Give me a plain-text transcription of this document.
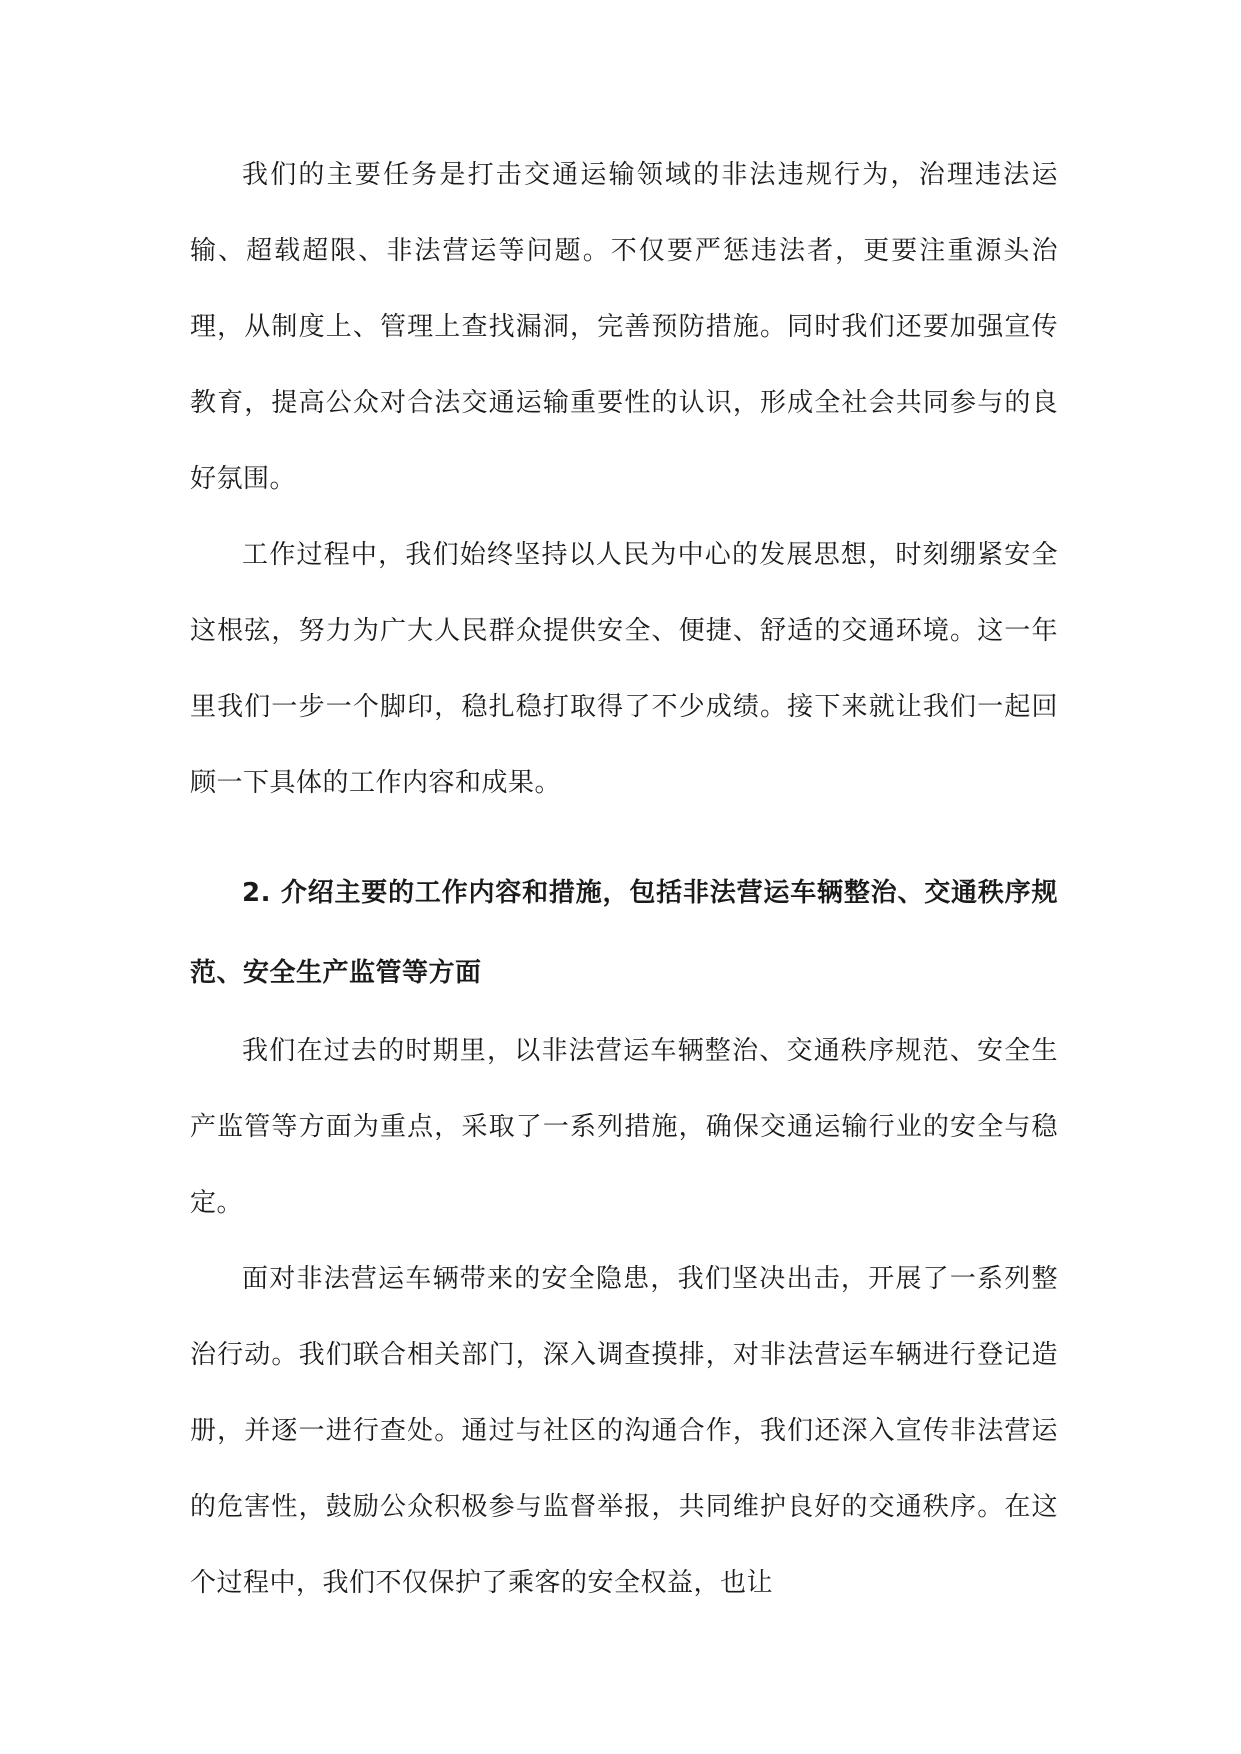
我们的主要任务是打击交通运输领域的非法违规行为，治理违法运输、超载超限、非法营运等问题。不仅要严惩违法者，更要注重源头治理，从制度上、管理上查找漏洞，完善预防措施。同时我们还要加强宣传教育，提高公众对合法交通运输重要性的认识，形成全社会共同参与的良好氛围。

工作过程中，我们始终坚持以人民为中心的发展思想，时刻绷紧安全这根弦，努力为广大人民群众提供安全、便捷、舒适的交通环境。这一年里我们一步一个脚印，稳扎稳打取得了不少成绩。接下来就让我们一起回顾一下具体的工作内容和成果。

2. 介绍主要的工作内容和措施，包括非法营运车辆整治、交通秩序规范、安全生产监管等方面

我们在过去的时期里，以非法营运车辆整治、交通秩序规范、安全生产监管等方面为重点，采取了一系列措施，确保交通运输行业的安全与稳定。

面对非法营运车辆带来的安全隐患，我们坚决出击，开展了一系列整治行动。我们联合相关部门，深入调查摸排，对非法营运车辆进行登记造册，并逐一进行查处。通过与社区的沟通合作，我们还深入宣传非法营运的危害性，鼓励公众积极参与监督举报，共同维护良好的交通秩序。在这个过程中，我们不仅保护了乘客的安全权益，也让
